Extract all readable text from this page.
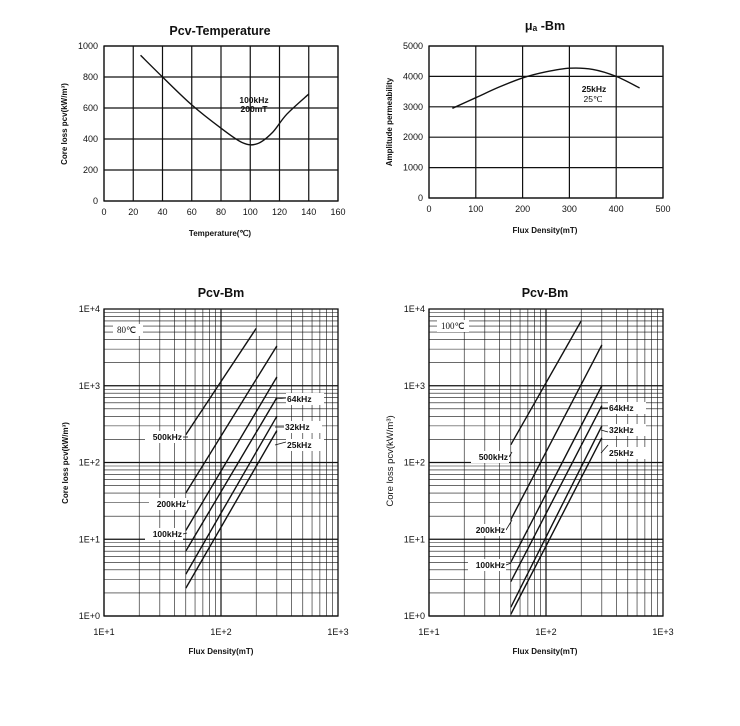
Pcv-Temperature
0 20 40 60 80 100 120 140 160
0
200
400
600
800
1000
100kHz
200mT
Temperature(℃)
Core loss pcv(kW/m³)
μₐ -Bm
0	100	200	300	400	500
0
1000
2000
3000
4000
5000
25kHz
25℃
Flux Density(mT)
Amplitude permeability
Pcv-Bm
1E+1	1E+2	1E+3
1E+0
1E+1
1E+2
1E+3
1E+4
80℃
500kHz
200kHz
100kHz
64kHz
32kHz
25kHz
Flux Density(mT)
Core loss pcv(kW/m³)
Pcv-Bm
1E+1	1E+2	1E+3
1E+0
1E+1
1E+2
1E+3
1E+4
100℃
500kHz
200kHz
100kHz
64kHz
32kHz
25kHz
Flux Density(mT)
Core loss pcv(kW/m³)
